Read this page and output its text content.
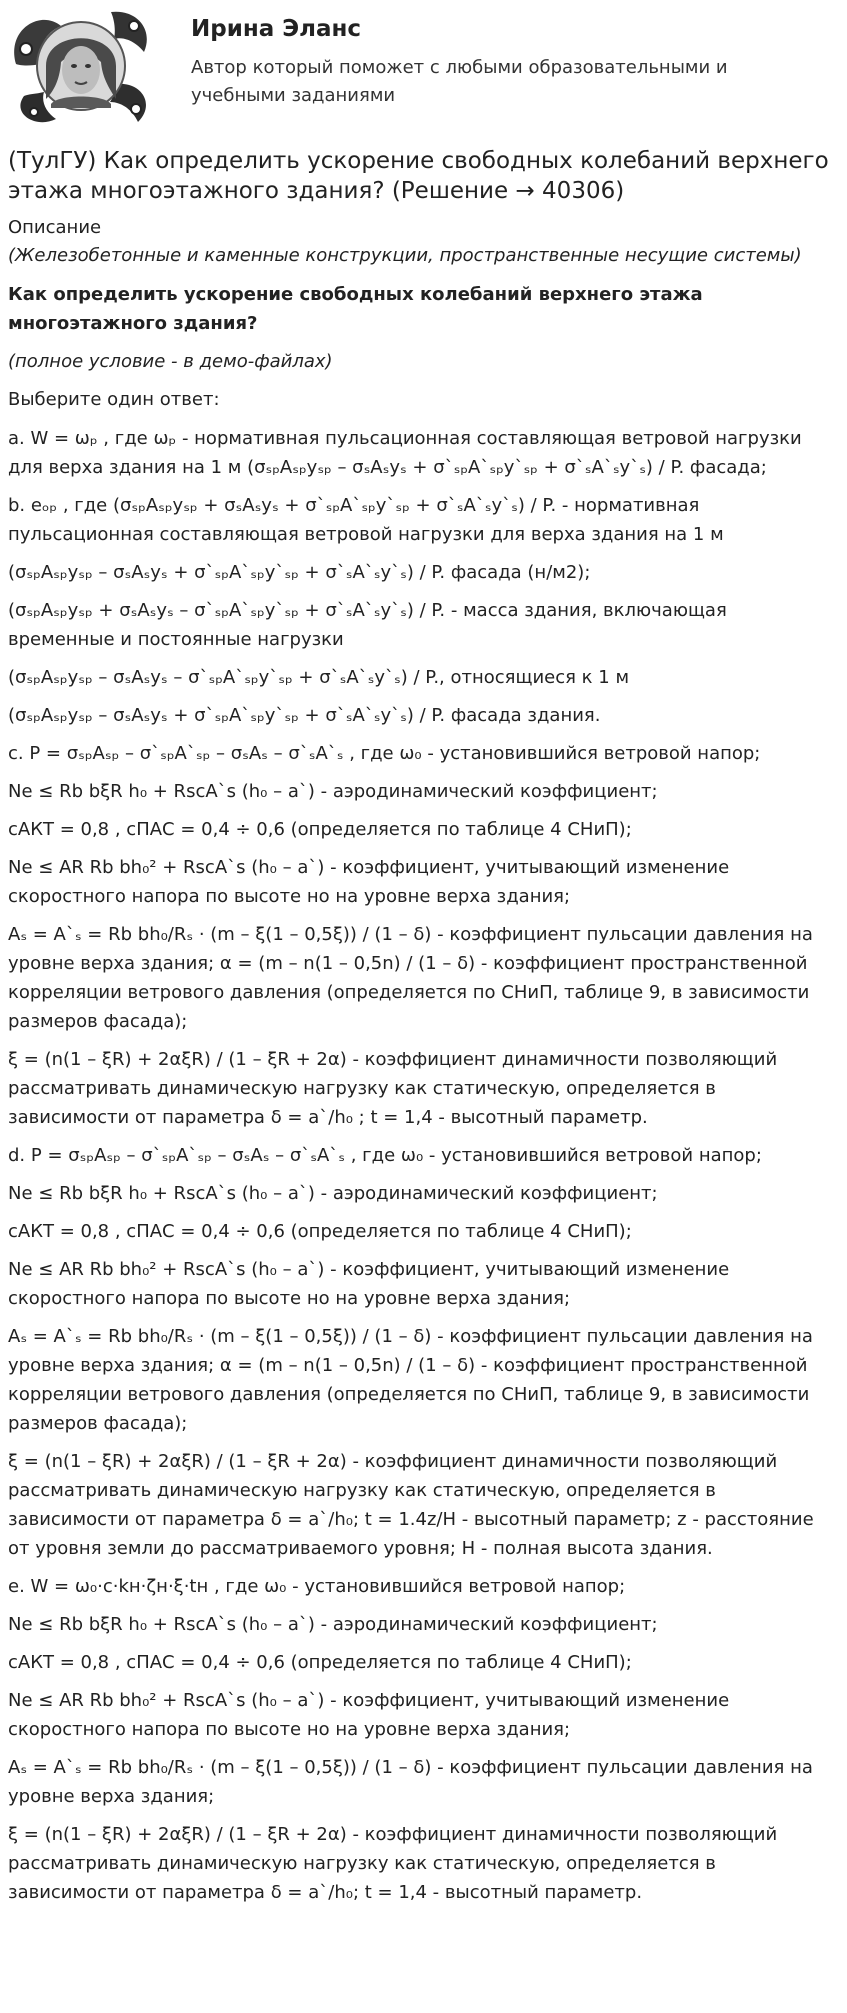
Ирина Эланс
Автор который поможет с любыми образовательными и учебными заданиями
(ТулГУ) Как определить ускорение свободных колебаний верхнего этажа многоэтажного здания? (Решение → 40306)
Описание
(Железобетонные и каменные конструкции, пространственные несущие системы)
Как определить ускорение свободных колебаний верхнего этажа многоэтажного здания?
(полное условие - в демо-файлах)
Выберите один ответ:
a. W = ωₚ , где ωₚ - нормативная пульсационная составляющая ветровой нагрузки для верха здания на 1 м (σₛₚAₛₚyₛₚ – σₛAₛyₛ + σ`ₛₚA`ₛₚy`ₛₚ + σ`ₛA`ₛy`ₛ) / P. фасада;
b. eₒₚ , где (σₛₚAₛₚyₛₚ + σₛAₛyₛ + σ`ₛₚA`ₛₚy`ₛₚ + σ`ₛA`ₛy`ₛ) / P. - нормативная пульсационная составляющая ветровой нагрузки для верха здания на 1 м
(σₛₚAₛₚyₛₚ – σₛAₛyₛ + σ`ₛₚA`ₛₚy`ₛₚ + σ`ₛA`ₛy`ₛ) / P. фасада (н/м2);
(σₛₚAₛₚyₛₚ + σₛAₛyₛ – σ`ₛₚA`ₛₚy`ₛₚ + σ`ₛA`ₛy`ₛ) / P. - масса здания, включающая временные и постоянные нагрузки
(σₛₚAₛₚyₛₚ – σₛAₛyₛ – σ`ₛₚA`ₛₚy`ₛₚ + σ`ₛA`ₛy`ₛ) / P., относящиеся к 1 м
(σₛₚAₛₚyₛₚ – σₛAₛyₛ + σ`ₛₚA`ₛₚy`ₛₚ + σ`ₛA`ₛy`ₛ) / P. фасада здания.
c. P = σₛₚAₛₚ – σ`ₛₚA`ₛₚ – σₛAₛ – σ`ₛA`ₛ , где ω₀ - установившийся ветровой напор;
Ne ≤ Rb bξR h₀ + RscA`s (h₀ – a`) - аэродинамический коэффициент;
cАКТ = 0,8 , cПАС = 0,4 ÷ 0,6 (определяется по таблице 4 СНиП);
Ne ≤ AR Rb bh₀² + RscA`s (h₀ – a`) - коэффициент, учитывающий изменение скоростного напора по высоте но на уровне верха здания;
Aₛ = A`ₛ = Rb bh₀/Rₛ · (m – ξ(1 – 0,5ξ)) / (1 – δ) - коэффициент пульсации давления на уровне верха здания; α = (m – n(1 – 0,5n) / (1 – δ) - коэффициент пространственной корреляции ветрового давления (определяется по СНиП, таблице 9, в зависимости размеров фасада);
ξ = (n(1 – ξR) + 2αξR) / (1 – ξR + 2α) - коэффициент динамичности позволяющий рассматривать динамическую нагрузку как статическую, определяется в зависимости от параметра δ = a`/h₀ ; t = 1,4 - высотный параметр.
d. P = σₛₚAₛₚ – σ`ₛₚA`ₛₚ – σₛAₛ – σ`ₛA`ₛ , где ω₀ - установившийся ветровой напор;
Ne ≤ Rb bξR h₀ + RscA`s (h₀ – a`) - аэродинамический коэффициент;
cАКТ = 0,8 , cПАС = 0,4 ÷ 0,6 (определяется по таблице 4 СНиП);
Ne ≤ AR Rb bh₀² + RscA`s (h₀ – a`) - коэффициент, учитывающий изменение скоростного напора по высоте но на уровне верха здания;
Aₛ = A`ₛ = Rb bh₀/Rₛ · (m – ξ(1 – 0,5ξ)) / (1 – δ) - коэффициент пульсации давления на уровне верха здания; α = (m – n(1 – 0,5n) / (1 – δ) - коэффициент пространственной корреляции ветрового давления (определяется по СНиП, таблице 9, в зависимости размеров фасада);
ξ = (n(1 – ξR) + 2αξR) / (1 – ξR + 2α) - коэффициент динамичности позволяющий рассматривать динамическую нагрузку как статическую, определяется в зависимости от параметра δ = a`/h₀; t = 1.4z/H - высотный параметр; z - расстояние от уровня земли до рассматриваемого уровня; H - полная высота здания.
e. W = ω₀·c·kн·ζн·ξ·tн , где ω₀ - установившийся ветровой напор;
Ne ≤ Rb bξR h₀ + RscA`s (h₀ – a`) - аэродинамический коэффициент;
cАКТ = 0,8 , cПАС = 0,4 ÷ 0,6 (определяется по таблице 4 СНиП);
Ne ≤ AR Rb bh₀² + RscA`s (h₀ – a`) - коэффициент, учитывающий изменение скоростного напора по высоте но на уровне верха здания;
Aₛ = A`ₛ = Rb bh₀/Rₛ · (m – ξ(1 – 0,5ξ)) / (1 – δ) - коэффициент пульсации давления на уровне верха здания;
ξ = (n(1 – ξR) + 2αξR) / (1 – ξR + 2α) - коэффициент динамичности позволяющий рассматривать динамическую нагрузку как статическую, определяется в зависимости от параметра δ = a`/h₀; t = 1,4 - высотный параметр.
